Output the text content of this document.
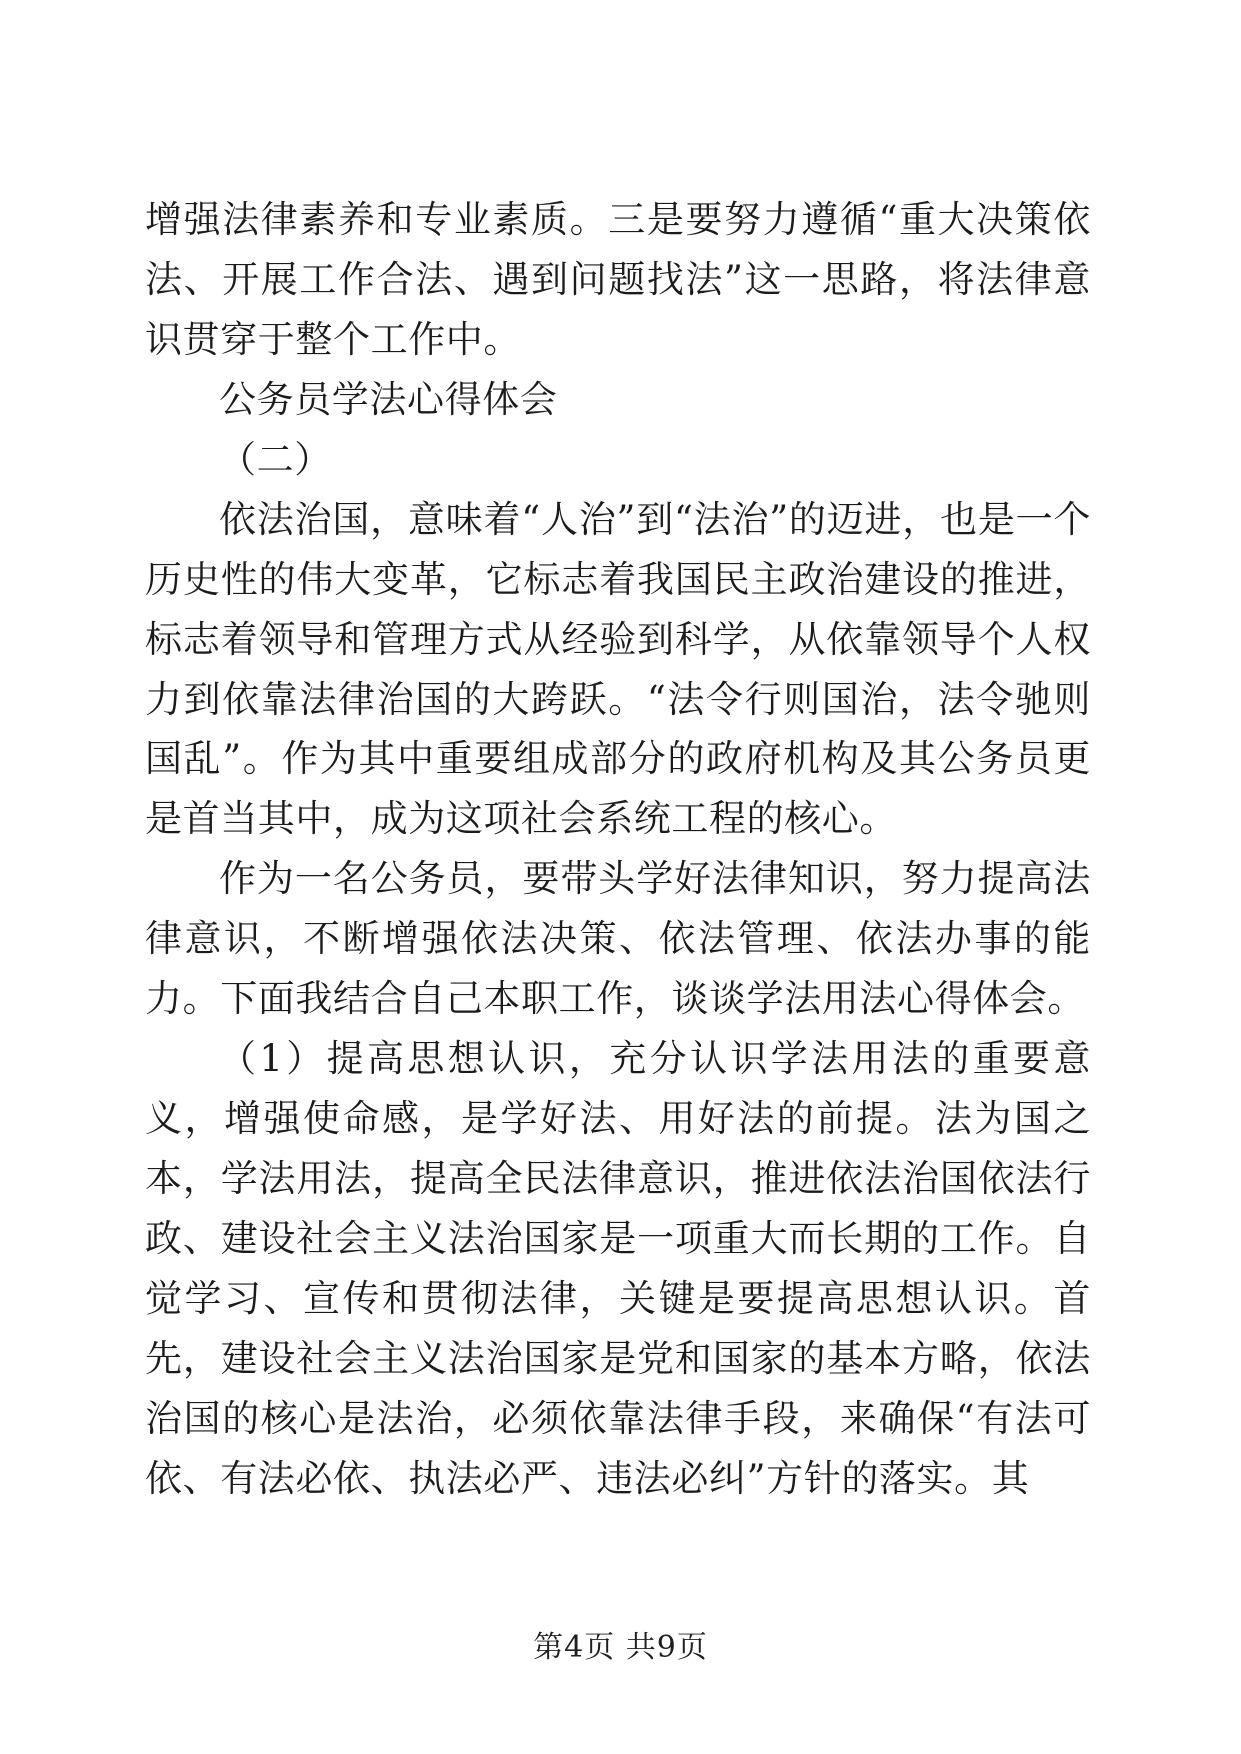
增强法律素养和专业素质。三是要努力遵循“重大决策依法、开展工作合法、遇到问题找法”这一思路，将法律意识贯穿于整个工作中。

公务员学法心得体会

（二）

依法治国，意味着“人治”到“法治”的迈进，也是一个历史性的伟大变革，它标志着我国民主政治建设的推进，标志着领导和管理方式从经验到科学，从依靠领导个人权力到依靠法律治国的大跨跃。“法令行则国治，法令驰则国乱”。作为其中重要组成部分的政府机构及其公务员更是首当其中，成为这项社会系统工程的核心。

作为一名公务员，要带头学好法律知识，努力提高法律意识，不断增强依法决策、依法管理、依法办事的能力。下面我结合自己本职工作，谈谈学法用法心得体会。

（1）提高思想认识，充分认识学法用法的重要意义，增强使命感，是学好法、用好法的前提。法为国之本，学法用法，提高全民法律意识，推进依法治国依法行政、建设社会主义法治国家是一项重大而长期的工作。自觉学习、宣传和贯彻法律，关键是要提高思想认识。首先，建设社会主义法治国家是党和国家的基本方略，依法治国的核心是法治，必须依靠法律手段，来确保“有法可依、有法必依、执法必严、违法必纠”方针的落实。其

第4页 共9页
